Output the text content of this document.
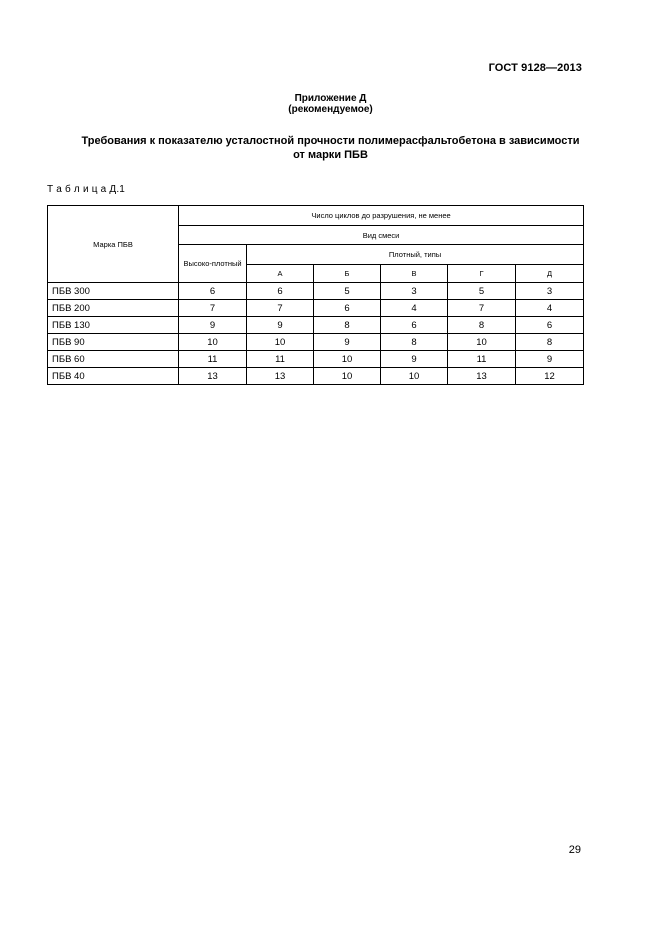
ГОСТ 9128—2013
Приложение Д
(рекомендуемое)
Требования к показателю усталостной прочности полимерасфальтобетона в зависимости
от марки ПБВ
Т а б л и ц а Д.1
Марка ПБВ	Число циклов до разрушения, не менее					
	Вид смеси					
	Высоко-плотный	Плотный, типы				
		А	Б	В	Г	Д
ПБВ 300	6	6	5	3	5	3
ПБВ 200	7	7	6	4	7	4
ПБВ 130	9	9	8	6	8	6
ПБВ 90	10	10	9	8	10	8
ПБВ 60	11	11	10	9	11	9
ПБВ 40	13	13	10	10	13	12
29
